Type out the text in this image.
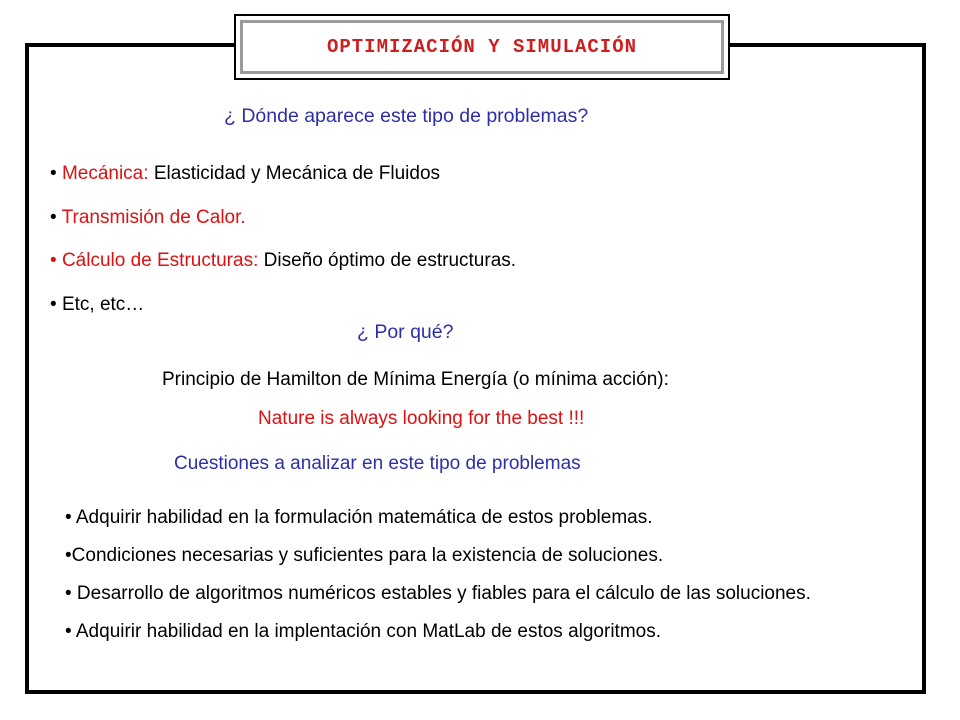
OPTIMIZACIÓN Y SIMULACIÓN
¿ Dónde aparece este tipo de problemas?
• Mecánica: Elasticidad y Mecánica de Fluidos
• Transmisión de Calor.
• Cálculo de Estructuras: Diseño óptimo de estructuras.
• Etc, etc…
¿ Por qué?
Principio de Hamilton de Mínima Energía (o mínima acción):
Nature is always looking for the best !!!
Cuestiones a analizar en este tipo de problemas
• Adquirir habilidad en la formulación matemática de estos problemas.
•Condiciones necesarias y suficientes para la existencia de soluciones.
• Desarrollo de algoritmos numéricos estables y fiables para el cálculo de las soluciones.
• Adquirir habilidad en la implentación con MatLab de estos algoritmos.
